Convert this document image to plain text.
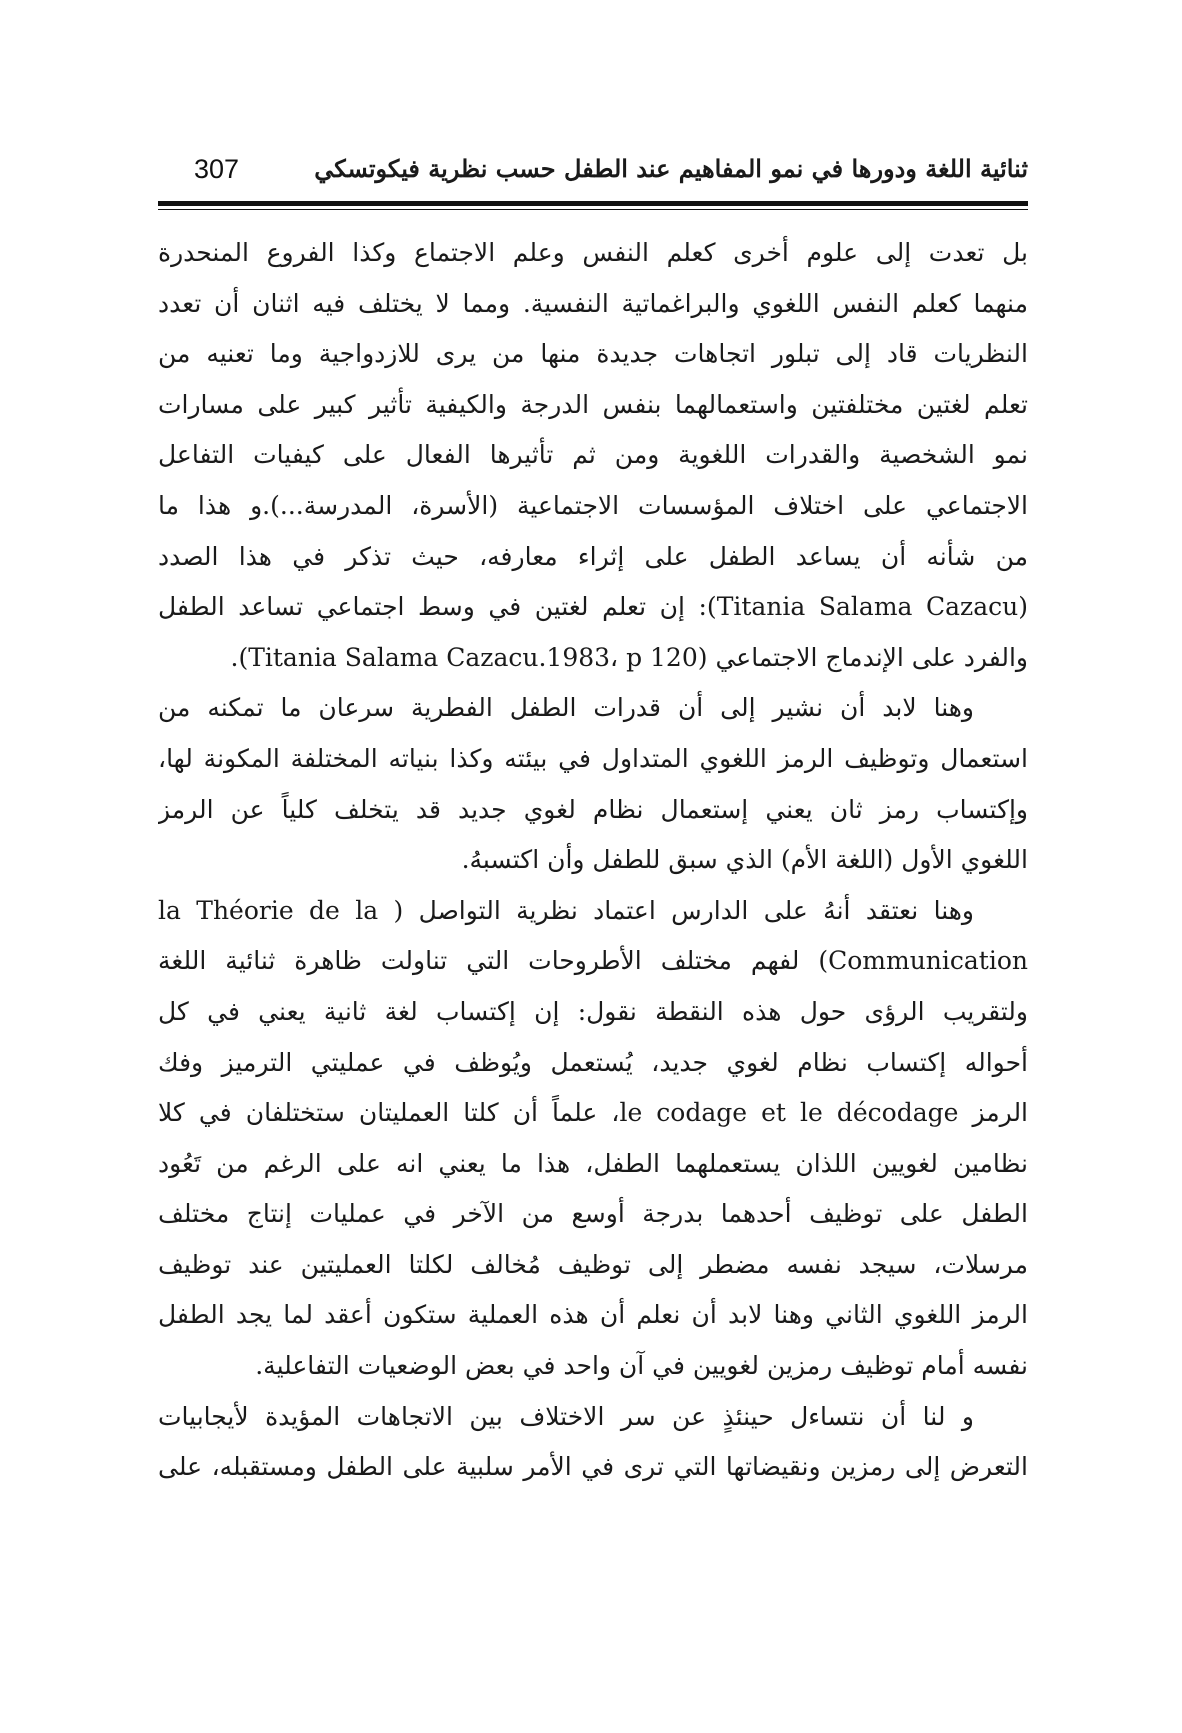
307	ثنائية اللغة ودورها في نمو المفاهيم عند الطفل حسب نظرية فيكوتسكي
بل تعدت إلى علوم أخرى كعلم النفس وعلم الاجتماع وكذا الفروع المنحدرة
منهما كعلم النفس اللغوي والبراغماتية النفسية. ومما لا يختلف فيه اثنان أن تعدد
النظريات قاد إلى تبلور اتجاهات جديدة منها من يرى للازدواجية وما تعنيه من
تعلم لغتين مختلفتين واستعمالهما بنفس الدرجة والكيفية تأثير كبير على مسارات
نمو الشخصية والقدرات اللغوية ومن ثم تأثيرها الفعال على كيفيات التفاعل
الاجتماعي على اختلاف المؤسسات الاجتماعية (الأسرة، المدرسة...).و هذا ما
من شأنه أن يساعد الطفل على إثراء معارفه، حيث تذكر في هذا الصدد
(Titania Salama Cazacu): إن تعلم لغتين في وسط اجتماعي تساعد الطفل
والفرد على الإندماج الاجتماعي (Titania Salama Cazacu.1983، p 120).
وهنا لابد أن نشير إلى أن قدرات الطفل الفطرية سرعان ما تمكنه من
استعمال وتوظيف الرمز اللغوي المتداول في بيئته وكذا بنياته المختلفة المكونة لها،
وإكتساب رمز ثان يعني إستعمال نظام لغوي جديد قد يتخلف كلياً عن الرمز
اللغوي الأول (اللغة الأم) الذي سبق للطفل وأن اكتسبهُ.
وهنا نعتقد أنهُ على الدارس اعتماد نظرية التواصل ( la Théorie de la
Communication) لفهم مختلف الأطروحات التي تناولت ظاهرة ثنائية اللغة
ولتقريب الرؤى حول هذه النقطة نقول: إن إكتساب لغة ثانية يعني في كل
أحواله إكتساب نظام لغوي جديد، يُستعمل ويُوظف في عمليتي الترميز وفك
الرمز le codage et le décodage، علماً أن كلتا العمليتان ستختلفان في كلا
نظامين لغويين اللذان يستعملهما الطفل، هذا ما يعني انه على الرغم من تَعُود
الطفل على توظيف أحدهما بدرجة أوسع من الآخر في عمليات إنتاج مختلف
مرسلات، سيجد نفسه مضطر إلى توظيف مُخالف لكلتا العمليتين عند توظيف
الرمز اللغوي الثاني وهنا لابد أن نعلم أن هذه العملية ستكون أعقد لما يجد الطفل
نفسه أمام توظيف رمزين لغويين في آن واحد في بعض الوضعيات التفاعلية.
و لنا أن نتساءل حينئذٍ عن سر الاختلاف بين الاتجاهات المؤيدة لأيجابيات
التعرض إلى رمزين ونقيضاتها التي ترى في الأمر سلبية على الطفل ومستقبله، على
